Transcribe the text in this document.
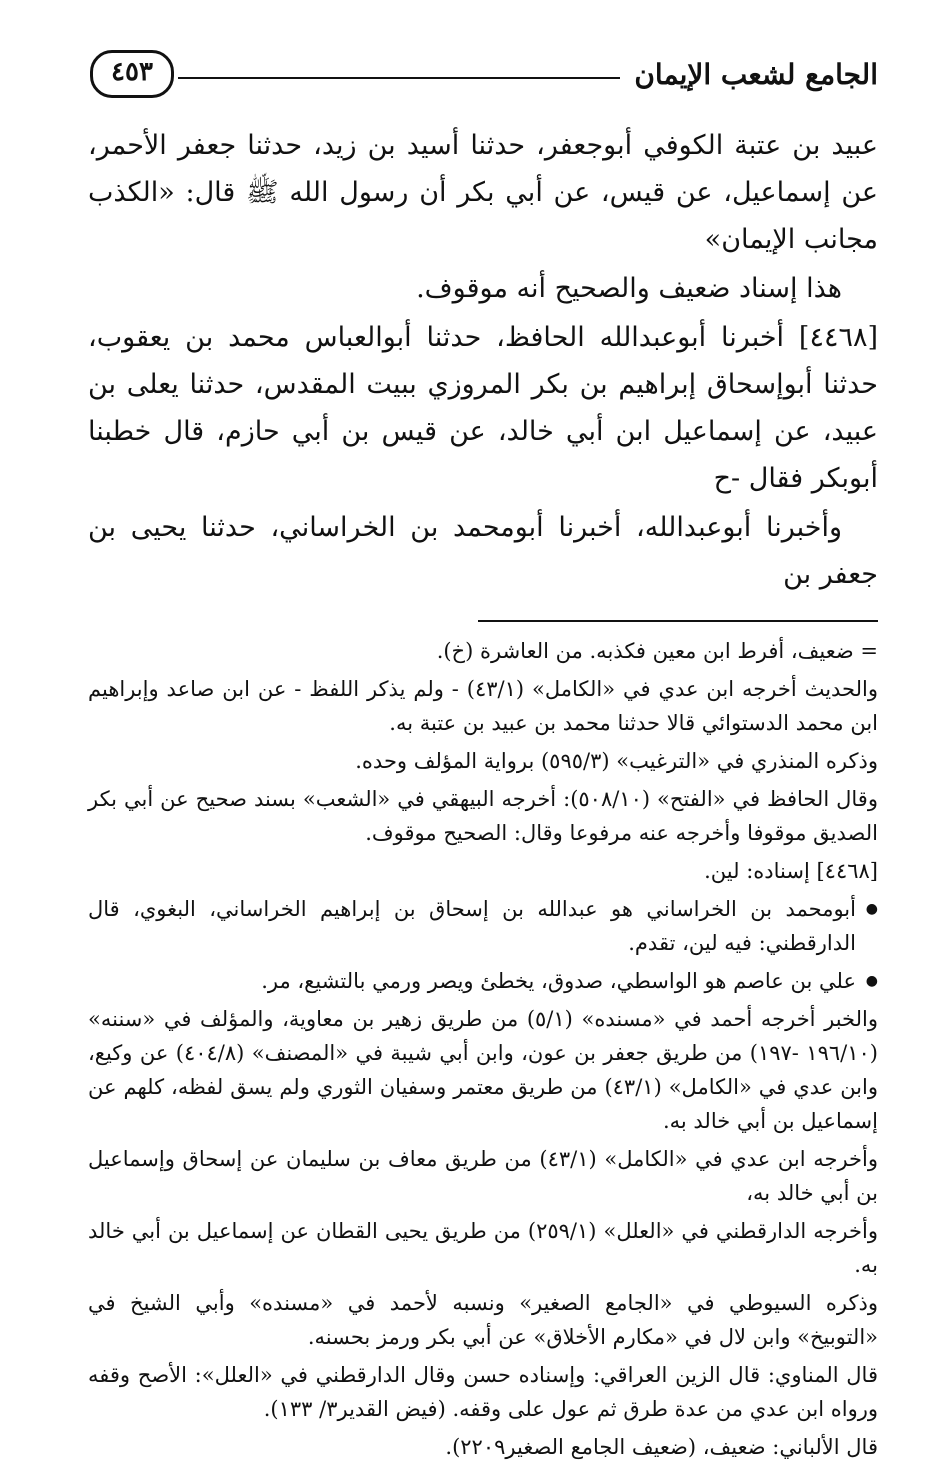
الجامع لشعب الإيمان
٤٥٣

عبيد بن عتبة الكوفي أبوجعفر، حدثنا أسيد بن زيد، حدثنا جعفر الأحمر، عن إسماعيل، عن قيس، عن أبي بكر أن رسول الله ﷺ قال: «الكذب مجانب الإيمان»

هذا إسناد ضعيف والصحيح أنه موقوف.

[٤٤٦٨] أخبرنا أبوعبدالله الحافظ، حدثنا أبوالعباس محمد بن يعقوب، حدثنا أبوإسحاق إبراهيم بن بكر المروزي ببيت المقدس، حدثنا يعلى بن عبيد، عن إسماعيل ابن أبي خالد، عن قيس بن أبي حازم، قال خطبنا أبوبكر فقال -ح

وأخبرنا أبوعبدالله، أخبرنا أبومحمد بن الخراساني، حدثنا يحيى بن جعفر بن

= ضعيف، أفرط ابن معين فكذبه. من العاشرة (خ).

والحديث أخرجه ابن عدي في «الكامل» (٤٣/١) - ولم يذكر اللفظ - عن ابن صاعد وإبراهيم ابن محمد الدستوائي قالا حدثنا محمد بن عبيد بن عتبة به.

وذكره المنذري في «الترغيب» (٥٩٥/٣) برواية المؤلف وحده.

وقال الحافظ في «الفتح» (٥٠٨/١٠): أخرجه البيهقي في «الشعب» بسند صحيح عن أبي بكر الصديق موقوفا وأخرجه عنه مرفوعا وقال: الصحيح موقوف.

[٤٤٦٨] إسناده: لين.

● أبومحمد بن الخراساني هو عبدالله بن إسحاق بن إبراهيم الخراساني، البغوي، قال الدارقطني: فيه لين، تقدم.

● علي بن عاصم هو الواسطي، صدوق، يخطئ ويصر ورمي بالتشيع، مر.

والخبر أخرجه أحمد في «مسنده» (٥/١) من طريق زهير بن معاوية، والمؤلف في «سننه» (١٩٦/١٠ -١٩٧) من طريق جعفر بن عون، وابن أبي شيبة في «المصنف» (٤٠٤/٨) عن وكيع، وابن عدي في «الكامل» (٤٣/١) من طريق معتمر وسفيان الثوري ولم يسق لفظه، كلهم عن إسماعيل بن أبي خالد به.

وأخرجه ابن عدي في «الكامل» (٤٣/١) من طريق معاف بن سليمان عن إسحاق وإسماعيل بن أبي خالد به،

وأخرجه الدارقطني في «العلل» (٢٥٩/١) من طريق يحيى القطان عن إسماعيل بن أبي خالد به.

وذكره السيوطي في «الجامع الصغير» ونسبه لأحمد في «مسنده» وأبي الشيخ في «التوبيخ» وابن لال في «مكارم الأخلاق» عن أبي بكر ورمز بحسنه.

قال المناوي: قال الزين العراقي: وإسناده حسن وقال الدارقطني في «العلل»: الأصح وقفه ورواه ابن عدي من عدة طرق ثم عول على وقفه. (فيض القدير٣/ ١٣٣).

قال الألباني: ضعيف، (ضعيف الجامع الصغير٢٢٠٩).
